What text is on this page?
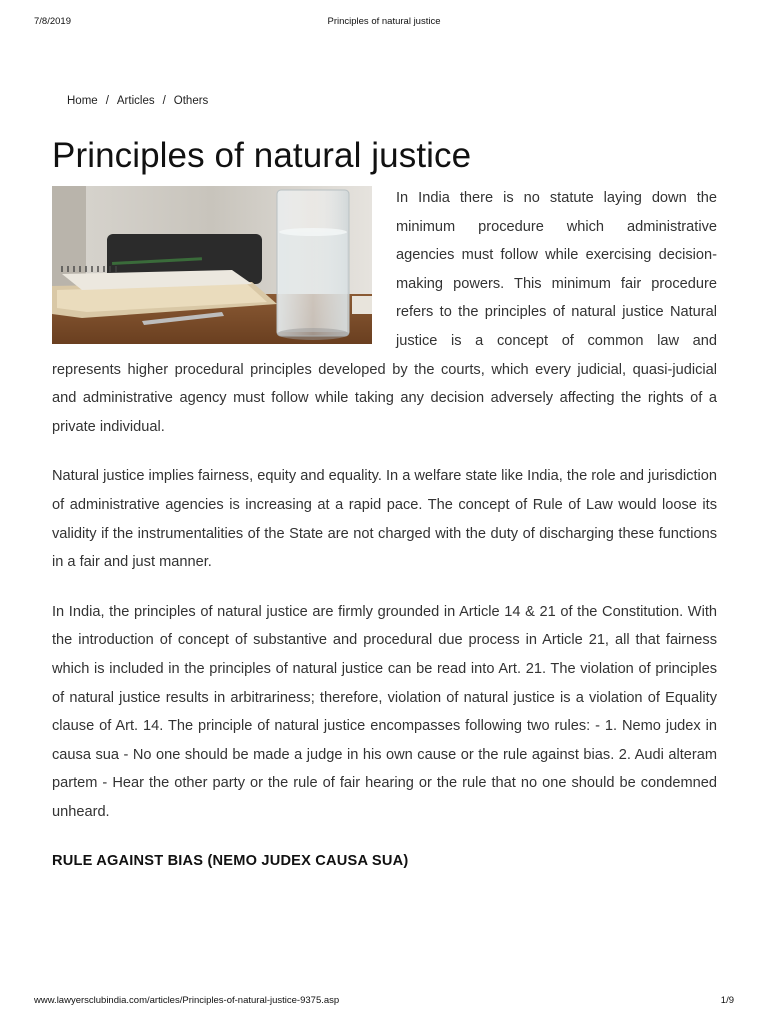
7/8/2019	Principles of natural justice
Home / Articles / Others
Principles of natural justice

In India there is no statute laying down the minimum procedure which administrative agencies must follow while exercising decision-making powers. This minimum fair procedure refers to the principles of natural justice Natural justice is a concept of common law and represents higher procedural principles developed by the courts, which every judicial, quasi-judicial and administrative agency must follow while taking any decision adversely affecting the rights of a private individual.

Natural justice implies fairness, equity and equality. In a welfare state like India, the role and jurisdiction of administrative agencies is increasing at a rapid pace. The concept of Rule of Law would loose its validity if the instrumentalities of the State are not charged with the duty of discharging these functions in a fair and just manner.

In India, the principles of natural justice are firmly grounded in Article 14 & 21 of the Constitution. With the introduction of concept of substantive and procedural due process in Article 21, all that fairness which is included in the principles of natural justice can be read into Art. 21. The violation of principles of natural justice results in arbitrariness; therefore, violation of natural justice is a violation of Equality clause of Art. 14. The principle of natural justice encompasses following two rules: - 1. Nemo judex in causa sua - No one should be made a judge in his own cause or the rule against bias. 2. Audi alteram partem - Hear the other party or the rule of fair hearing or the rule that no one should be condemned unheard.

RULE AGAINST BIAS (NEMO JUDEX CAUSA SUA)
www.lawyersclubindia.com/articles/Principles-of-natural-justice-9375.asp	1/9
